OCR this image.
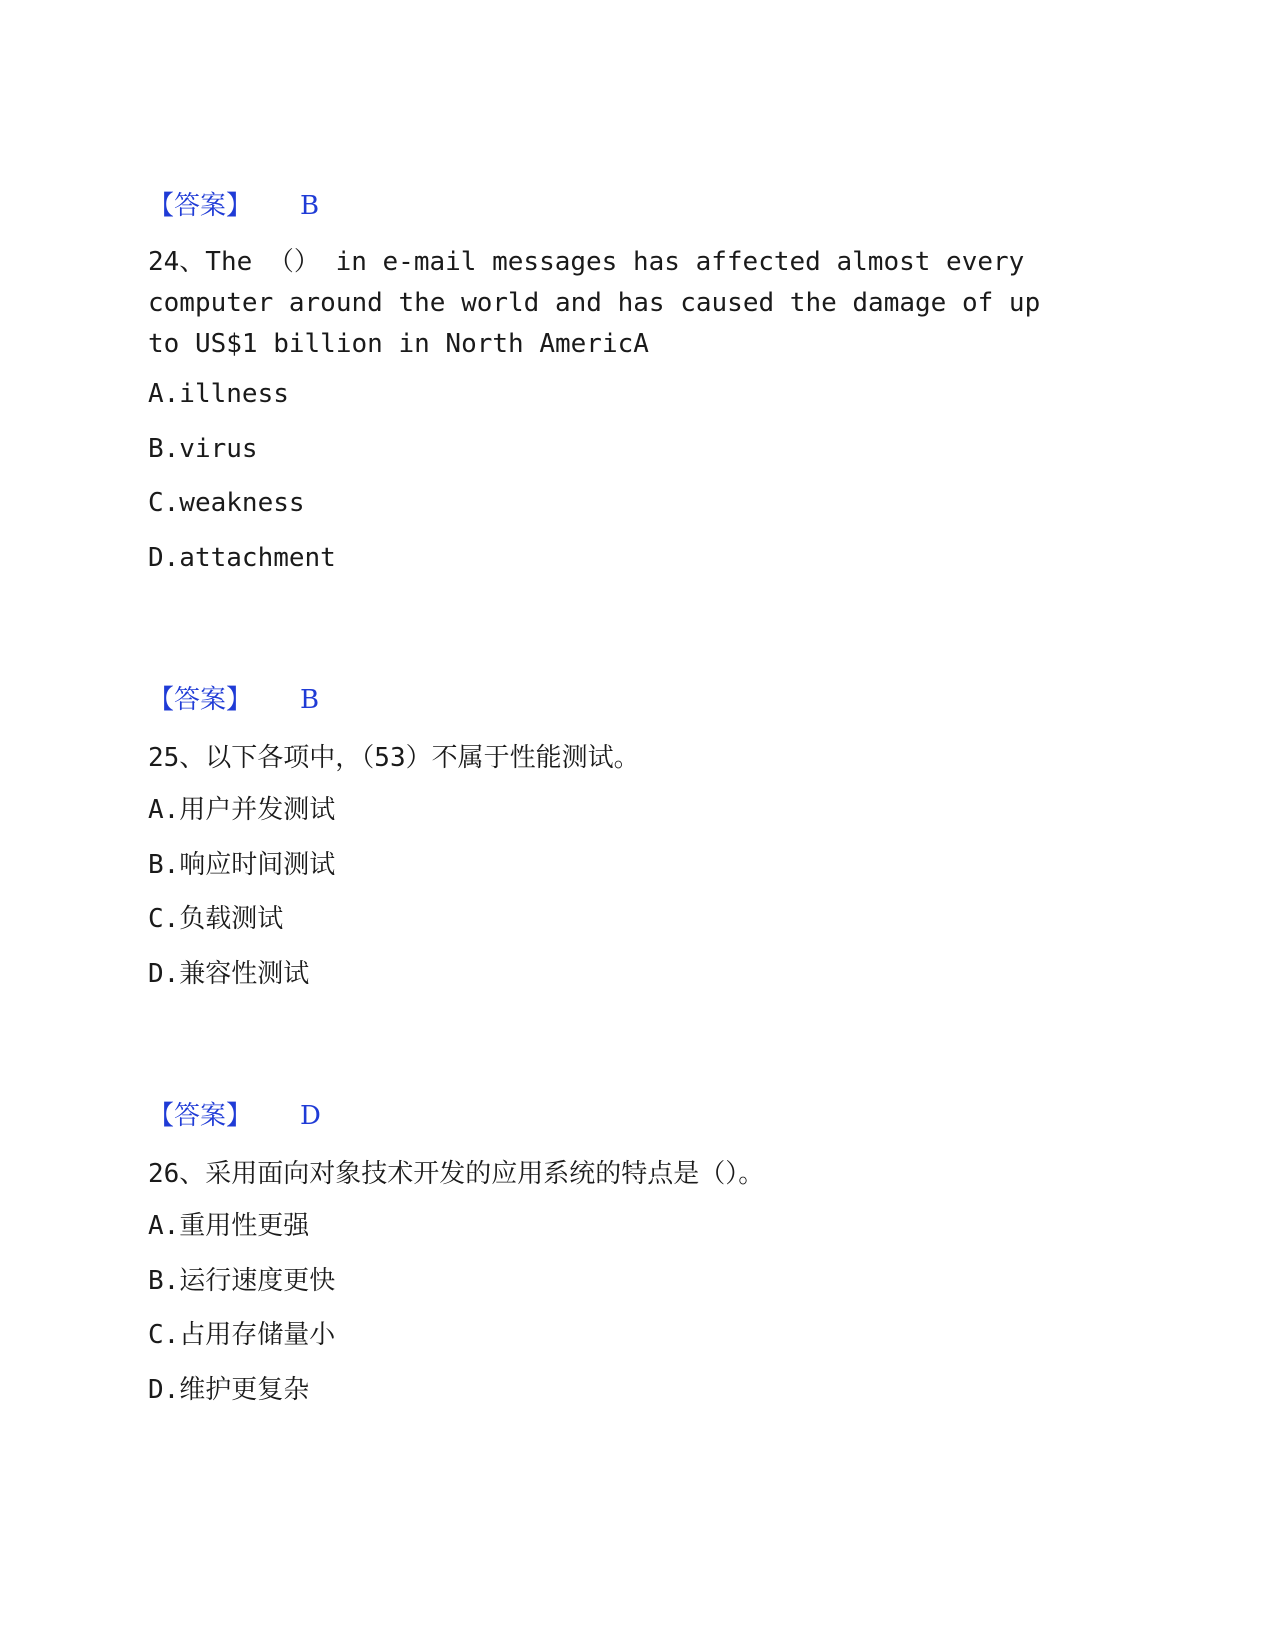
【答案】 B

24、The （） in e-mail messages has affected almost every computer around the world and has caused the damage of up to US$1 billion in North AmericA

A.illness

B.virus

C.weakness

D.attachment

【答案】 B

25、以下各项中，（53）不属于性能测试。

A.用户并发测试

B.响应时间测试

C.负载测试

D.兼容性测试

【答案】 D

26、采用面向对象技术开发的应用系统的特点是（）。

A.重用性更强

B.运行速度更快

C.占用存储量小

D.维护更复杂
